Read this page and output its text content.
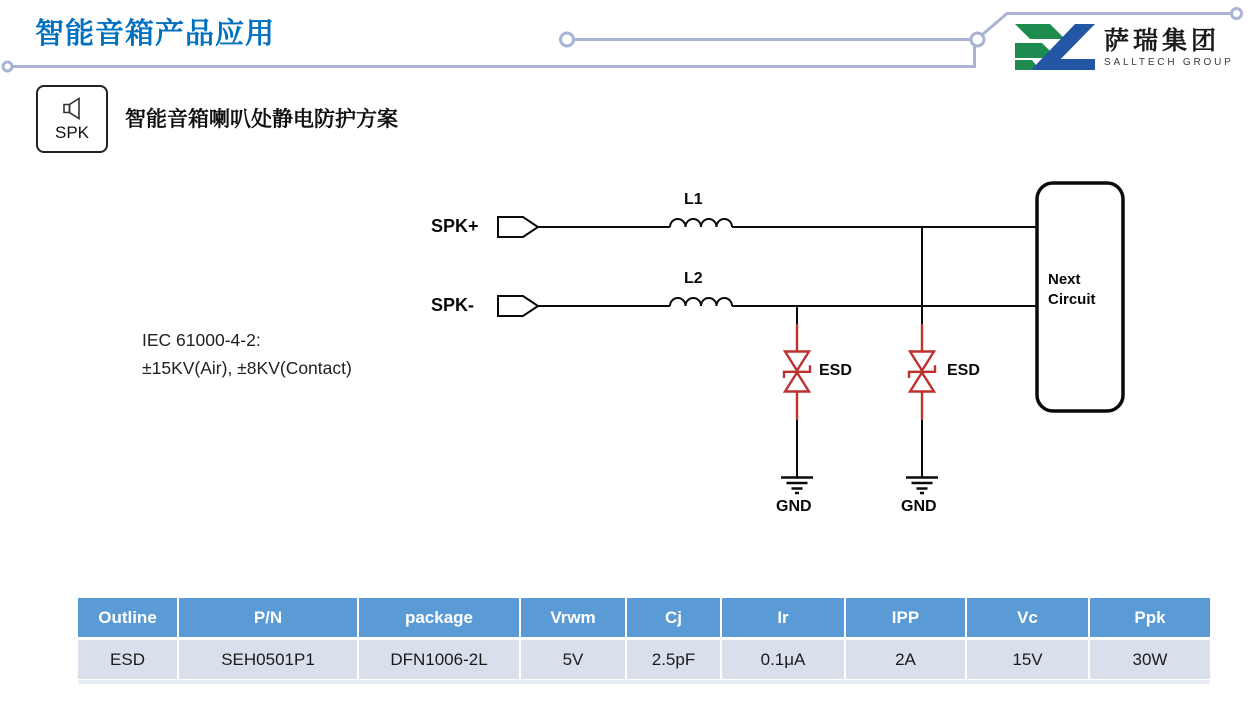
智能音箱产品应用	萨瑞集团
SALLTECH GROUP
SPK
智能音箱喇叭处静电防护方案
SPK+
SPK-
L1
L2
ESD	ESD
GND	GND
Next
Circuit
IEC 61000-4-2:
±15KV(Air), ±8KV(Contact)
Outline	P/N	package	Vrwm	Cj	Ir	IPP	Vc	Ppk
ESD	SEH0501P1	DFN1006-2L	5V	2.5pF	0.1μA	2A	15V	30W
